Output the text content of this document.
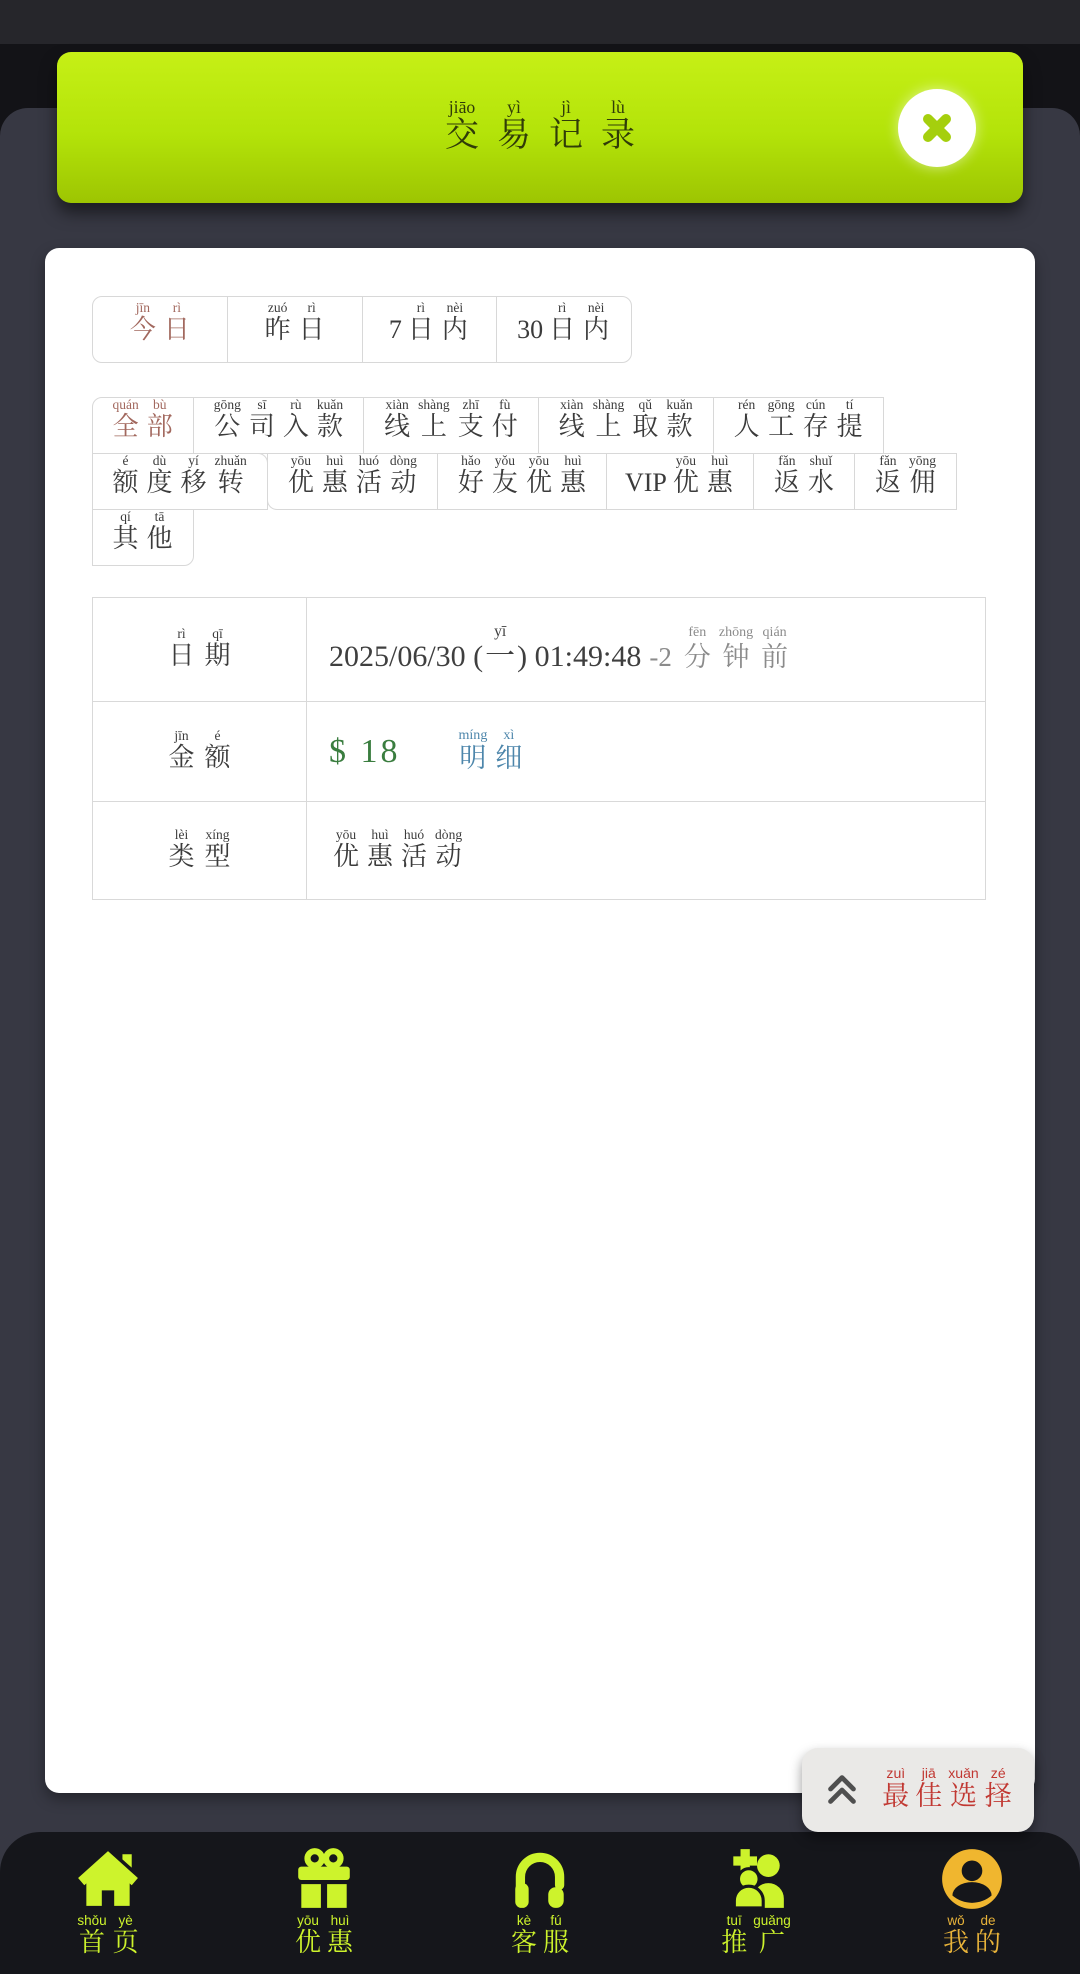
交jiāo易yì记jì录lù
今jīn日rì
昨zuó日rì
7 日rì内nèi
30 日rì内nèi
全quán部bù
公gōng司sī入rù款kuǎn
线xiàn上shàng支zhī付fù
线xiàn上shàng取qǔ款kuǎn
人rén工gōng存cún提tí
额é度dù移yí转zhuǎn
优yōu惠huì活huó动dòng
好hǎo友yǒu优yōu惠huì
VIP 优yōu惠huì
返fǎn水shuǐ
返fǎn佣yōng
其qí他tā
日rì
期qī
2025/06/30 (一yī) 01:49:48 -2 分fēn钟zhōng前qián
金jīn
额é	$ 18 明míng细xì
类lèi
型xíng
优yōu惠huì活huó动dòng
最zuì佳jiā选xuǎn择zé
首shǒu页yè
优yōu惠huì
客kè服fú
推tuī广guǎng
我wǒ的de
